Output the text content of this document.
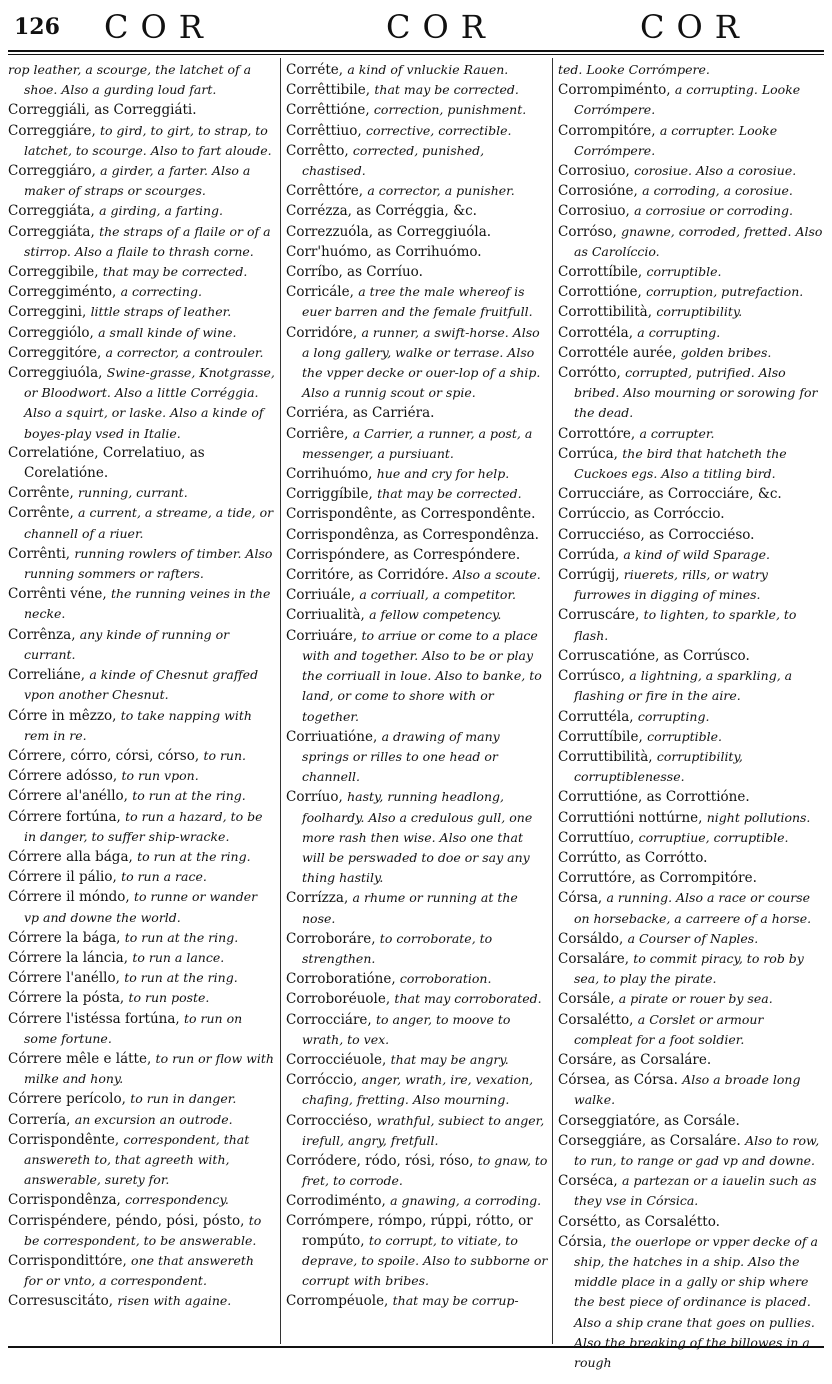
126 COR	COR	COR

rop leather, a scourge, the latchet of a shoe. Also a gurding loud fart.

Correggiáli, as Correggiáti.

Correggiáre, to gird, to girt, to strap, to latchet, to scourge. Also to fart aloude.

Correggiáro, a girder, a farter. Also a maker of straps or scourges.

Correggiáta, a girding, a farting.

Correggiáta, the straps of a flaile or of a stirrop. Also a flaile to thrash corne.

Correggibile, that may be corrected.

Correggiménto, a correcting.

Correggini, little straps of leather.

Correggiólo, a small kinde of wine.

Correggitóre, a corrector, a controuler.

Correggiuóla, Swine-grasse, Knotgrasse, or Bloodwort. Also a little Corréggia. Also a squirt, or laske. Also a kinde of boyes-play vsed in Italie.

Correlatióne, Correlatiuo, as Corelatióne.

Corrênte, running, currant.

Corrênte, a current, a streame, a tide, or channell of a riuer.

Corrênti, running rowlers of timber. Also running sommers or rafters.

Corrênti véne, the running veines in the necke.

Corrênza, any kinde of running or currant.

Correliáne, a kinde of Chesnut graffed vpon another Chesnut.

Córre in mêzzo, to take napping with rem in re.

Córrere, córro, córsi, córso, to run.

Córrere adósso, to run vpon.

Córrere al'anéllo, to run at the ring.

Córrere fortúna, to run a hazard, to be in danger, to suffer ship-wracke.

Córrere alla bága, to run at the ring.

Córrere il pálio, to run a race.

Córrere il móndo, to runne or wander vp and downe the world.

Córrere la bága, to run at the ring.

Córrere la láncia, to run a lance.

Córrere l'anéllo, to run at the ring.

Córrere la pósta, to run poste.

Córrere l'istéssa fortúna, to run on some fortune.

Córrere mêle e látte, to run or flow with milke and hony.

Córrere perícolo, to run in danger.

Correría, an excursion an outrode.

Corrispondênte, correspondent, that answereth to, that agreeth with, answerable, surety for.

Corrispondênza, correspondency.

Corrispéndere, péndo, pósi, pósto, to be correspondent, to be answerable.

Corrispondittóre, one that answereth for or vnto, a correspondent.

Corresuscitáto, risen with againe.

Corréte, a kind of vnluckie Rauen.

Corrêttibile, that may be corrected.

Corrêttióne, correction, punishment.

Corrêttiuo, corrective, correctible.

Corrêtto, corrected, punished, chastised.

Corrêttóre, a corrector, a punisher.

Corrézza, as Corréggia, &c.

Correzzuóla, as Correggiuóla.

Corr'huómo, as Corrihuómo.

Corríbo, as Corríuo.

Corricále, a tree the male whereof is euer barren and the female fruitfull.

Corridóre, a runner, a swift-horse. Also a long gallery, walke or terrase. Also the vpper decke or ouer-lop of a ship. Also a runnig scout or spie.

Corriéra, as Carriéra.

Corriêre, a Carrier, a runner, a post, a messenger, a pursiuant.

Corrihuómo, hue and cry for help.

Corriggíbile, that may be corrected.

Corrispondênte, as Correspondênte.

Corrispondênza, as Correspondênza.

Corrispóndere, as Correspóndere.

Corritóre, as Corridóre. Also a scoute.

Corriuále, a corriuall, a competitor.

Corriualità, a fellow competency.

Corriuáre, to arriue or come to a place with and together. Also to be or play the corriuall in loue. Also to banke, to land, or come to shore with or together.

Corriuatióne, a drawing of many springs or rilles to one head or channell.

Corríuo, hasty, running headlong, foolhardy. Also a credulous gull, one more rash then wise. Also one that will be perswaded to doe or say any thing hastily.

Corrízza, a rhume or running at the nose.

Corroboráre, to corroborate, to strengthen.

Corroboratióne, corroboration.

Corroboréuole, that may corroborated.

Corrocciáre, to anger, to moove to wrath, to vex.

Corrocciéuole, that may be angry.

Corróccio, anger, wrath, ire, vexation, chafing, fretting. Also mourning.

Corrocciéso, wrathful, subiect to anger, irefull, angry, fretfull.

Corródere, ródo, rósi, róso, to gnaw, to fret, to corrode.

Corrodiménto, a gnawing, a corroding.

Corrómpere, rómpo, rúppi, rótto, or rompúto, to corrupt, to vitiate, to deprave, to spoile. Also to subborne or corrupt with bribes.

Corrompéuole, that may be corrup-

ted. Looke Corrómpere.

Corrompiménto, a corrupting. Looke Corrómpere.

Corrompitóre, a corrupter. Looke Corrómpere.

Corrosiuo, corosiue. Also a corosiue.

Corrosióne, a corroding, a corosiue.

Corrosiuo, a corrosiue or corroding.

Corróso, gnawne, corroded, fretted. Also as Carolíccio.

Corrottíbile, corruptible.

Corrottióne, corruption, putrefaction.

Corrottibilità, corruptibility.

Corrottéla, a corrupting.

Corrottéle auréе, golden bribes.

Corrótto, corrupted, putrified. Also bribed. Also mourning or sorowing for the dead.

Corrottóre, a corrupter.

Corrúca, the bird that hatcheth the Cuckoes egs. Also a titling bird.

Corrucciáre, as Corrocciáre, &c.

Corrúccio, as Corróccio.

Corrucciéso, as Corrocciéso.

Corrúda, a kind of wild Sparage.

Corrúgij, riuerets, rills, or watry furrowes in digging of mines.

Corruscáre, to lighten, to sparkle, to flash.

Corruscatióne, as Corrúsco.

Corrúsco, a lightning, a sparkling, a flashing or fire in the aire.

Corruttéla, corrupting.

Corruttíbile, corruptible.

Corruttibilità, corruptibility, corruptiblenesse.

Corruttióne, as Corrottióne.

Corruttióni nottúrne, night pollutions.

Corruttíuo, corruptiue, corruptible.

Corrútto, as Corrótto.

Corruttóre, as Corrompitóre.

Córsa, a running. Also a race or course on horsebacke, a carreere of a horse.

Corsáldo, a Courser of Naples.

Corsaláre, to commit piracy, to rob by sea, to play the pirate.

Corsále, a pirate or rouer by sea.

Corsalétto, a Corslet or armour compleat for a foot soldier.

Corsáre, as Corsaláre.

Córsea, as Córsa. Also a broade long walke.

Corseggiatóre, as Corsále.

Corseggiáre, as Corsaláre. Also to row, to run, to range or gad vp and downe.

Corséca, a partezan or a iauelin such as they vse in Córsica.

Corsétto, as Corsalétto.

Córsia, the ouerlope or vpper decke of a ship, the hatches in a ship. Also the middle place in a gally or ship where the best piece of ordinance is placed. Also a ship crane that goes on pullies. Also the breaking of the billowes in a rough
